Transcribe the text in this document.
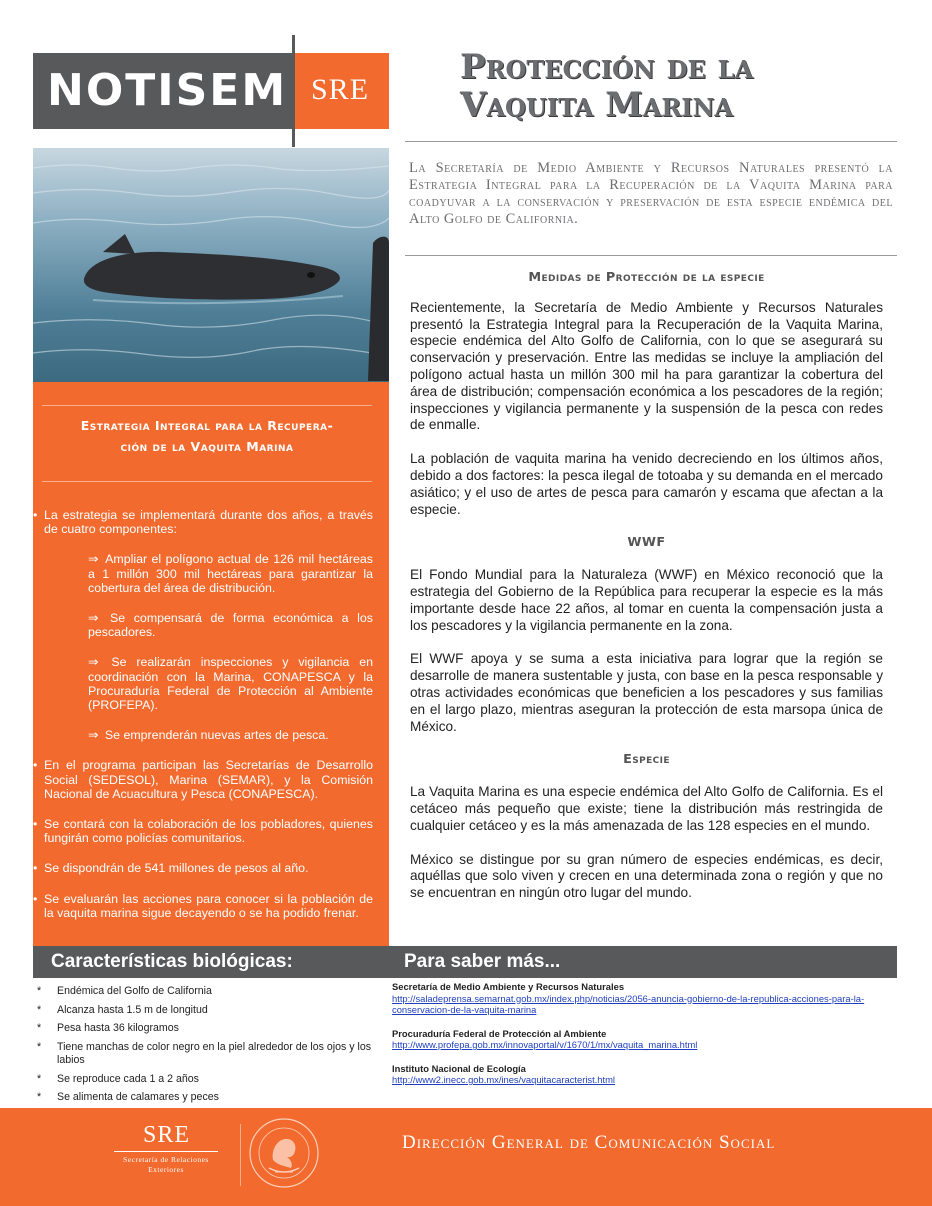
NOTISEM SRE
Protección de la
Vaquita Marina
La Secretaría de Medio Ambiente y Recursos Naturales presentó la Estrategia Integral para la Recuperación de la Vaquita Marina para coadyuvar a la conservación y preservación de esta especie endémica del Alto Golfo de California.
Estrategia Integral para la Recupera-
ción de la Vaquita Marina
• La estrategia se implementará durante dos años, a través de cuatro componentes:
⇒ Ampliar el polígono actual de 126 mil hectáreas a 1 millón 300 mil hectáreas para garantizar la cobertura del área de distribución.
⇒ Se compensará de forma económica a los pescadores.
⇒ Se realizarán inspecciones y vigilancia en coordinación con la Marina, CONAPESCA y la Procuraduría Federal de Protección al Ambiente (PROFEPA).
⇒ Se emprenderán nuevas artes de pesca.
• En el programa participan las Secretarías de Desarrollo Social (SEDESOL), Marina (SEMAR), y la Comisión Nacional de Acuacultura y Pesca (CONAPESCA).
• Se contará con la colaboración de los pobladores, quienes fungirán como policías comunitarios.
• Se dispondrán de 541 millones de pesos al año.
• Se evaluarán las acciones para conocer si la población de la vaquita marina sigue decayendo o se ha podido frenar.
Medidas de Protección de la especie
Recientemente, la Secretaría de Medio Ambiente y Recursos Naturales presentó la Estrategia Integral para la Recuperación de la Vaquita Marina, especie endémica del Alto Golfo de California, con lo que se asegurará su conservación y preservación. Entre las medidas se incluye la ampliación del polígono actual hasta un millón 300 mil ha para garantizar la cobertura del área de distribución; compensación económica a los pescadores de la región; inspecciones y vigilancia permanente y la suspensión de la pesca con redes de enmalle.
La población de vaquita marina ha venido decreciendo en los últimos años, debido a dos factores: la pesca ilegal de totoaba y su demanda en el mercado asiático; y el uso de artes de pesca para camarón y escama que afectan a la especie.
WWF
El Fondo Mundial para la Naturaleza (WWF) en México reconoció que la estrategia del Gobierno de la República para recuperar la especie es la más importante desde hace 22 años, al tomar en cuenta la compensación justa a los pescadores y la vigilancia permanente en la zona.
El WWF apoya y se suma a esta iniciativa para lograr que la región se desarrolle de manera sustentable y justa, con base en la pesca responsable y otras actividades económicas que beneficien a los pescadores y sus familias en el largo plazo, mientras aseguran la protección de esta marsopa única de México.
Especie
La Vaquita Marina es una especie endémica del Alto Golfo de California. Es el cetáceo más pequeño que existe; tiene la distribución más restringida de cualquier cetáceo y es la más amenazada de las 128 especies en el mundo.
México se distingue por su gran número de especies endémicas, es decir, aquéllas que solo viven y crecen en una determinada zona o región y que no se encuentran en ningún otro lugar del mundo.
Características biológicas:	Para saber más...
* Endémica del Golfo de California
* Alcanza hasta 1.5 m de longitud
* Pesa hasta 36 kilogramos
* Tiene manchas de color negro en la piel alrededor de los ojos y los labios
* Se reproduce cada 1 a 2 años
* Se alimenta de calamares y peces
Secretaría de Medio Ambiente y Recursos Naturales
http://saladeprensa.semarnat.gob.mx/index.php/noticias/2056-anuncia-gobierno-de-la-republica-acciones-para-la-conservacion-de-la-vaquita-marina
Procuraduría Federal de Protección al Ambiente
http://www.profepa.gob.mx/innovaportal/v/1670/1/mx/vaquita_marina.html
Instituto Nacional de Ecología
http://www2.inecc.gob.mx/ines/vaquitacaracterist.html
SRE
Secretaría de Relaciones Exteriores
Dirección General de Comunicación Social
